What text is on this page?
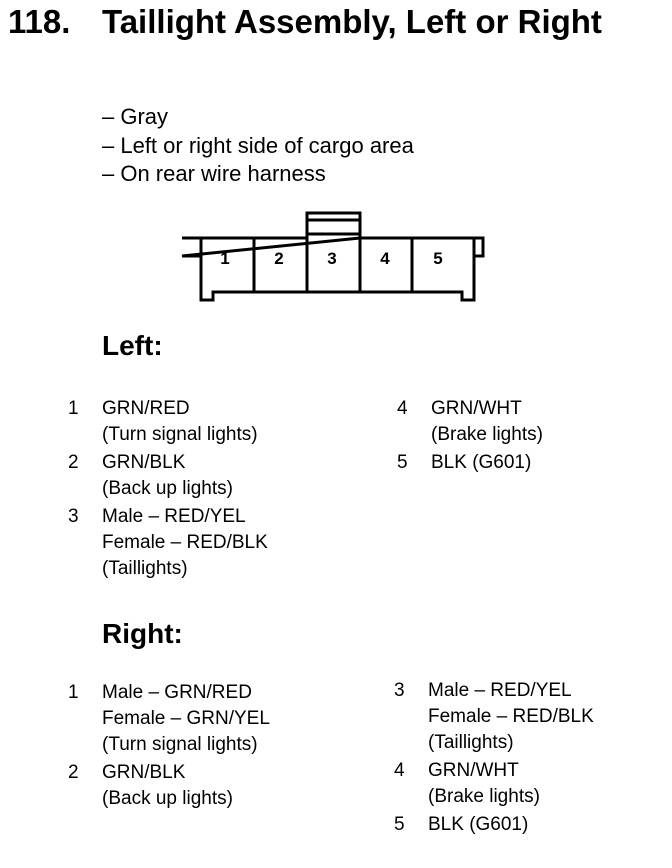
118. Taillight Assembly, Left or Right
– Gray
– Left or right side of cargo area
– On rear wire harness
1	2	3	4	5
Left:
1	GRN/RED
(Turn signal lights)
2	GRN/BLK
(Back up lights)
3	Male – RED/YEL
Female – RED/BLK
(Taillights)
4	GRN/WHT
(Brake lights)
5	BLK (G601)
Right:
1	Male – GRN/RED
Female – GRN/YEL
(Turn signal lights)
2	GRN/BLK
(Back up lights)
3	Male – RED/YEL
Female – RED/BLK
(Taillights)
4	GRN/WHT
(Brake lights)
5	BLK (G601)
